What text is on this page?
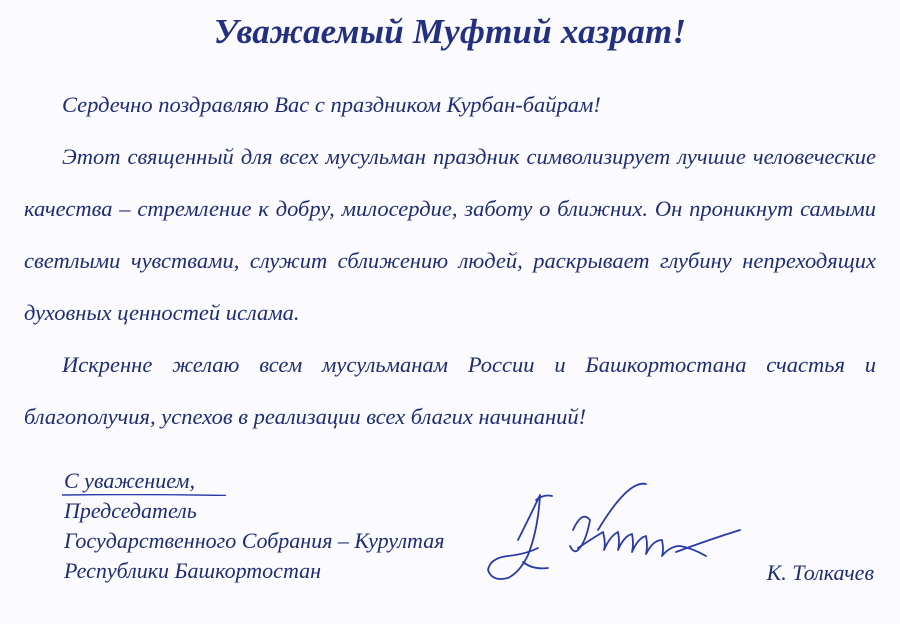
Уважаемый Муфтий хазрат!
Сердечно поздравляю Вас с праздником Курбан-байрам!
Этот священный для всех мусульман праздник символизирует лучшие человеческие качества – стремление к добру, милосердие, заботу о ближних. Он проникнут самыми светлыми чувствами, служит сближению людей, раскрывает глубину непреходящих духовных ценностей ислама.
Искренне желаю всем мусульманам России и Башкортостана счастья и благополучия, успехов в реализации всех благих начинаний!
С уважением,
Председатель
Государственного Собрания – Курултая
Республики Башкортостан	К. Толкачев
